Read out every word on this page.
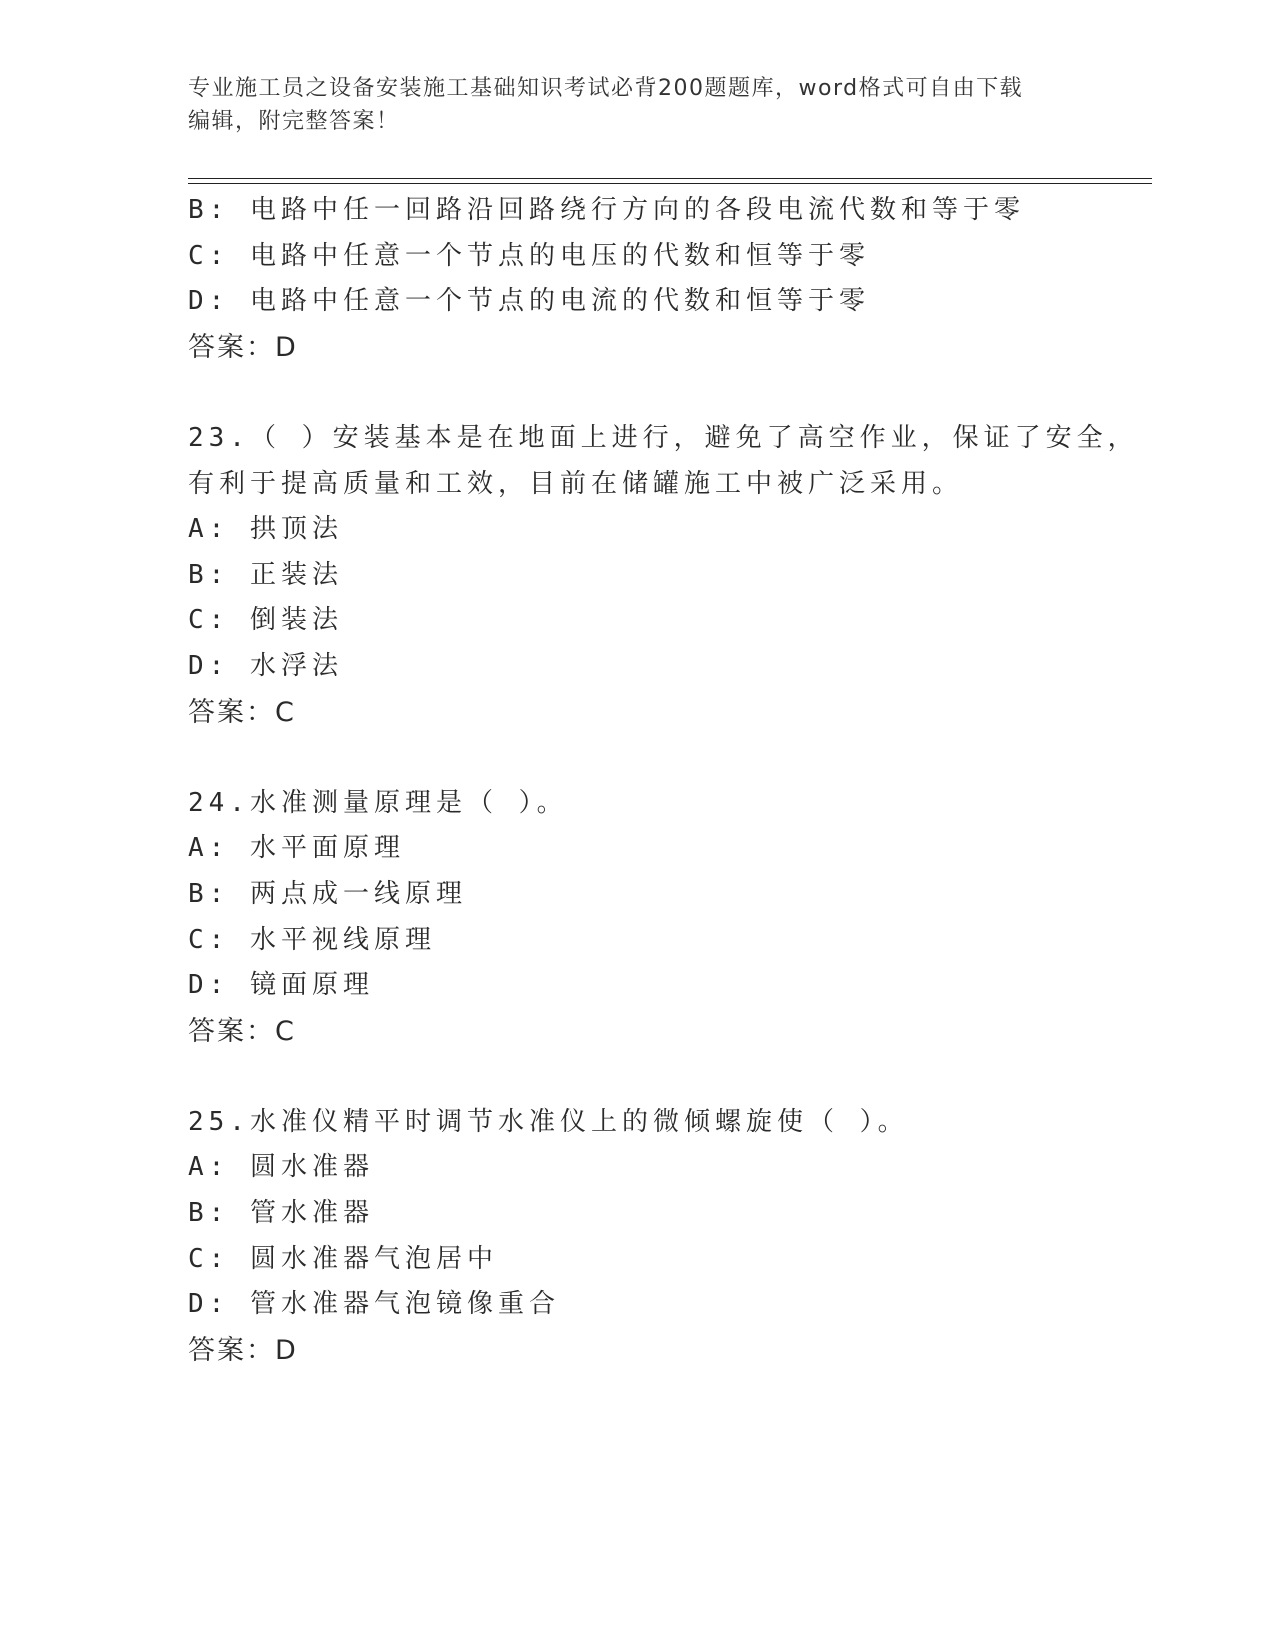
专业施工员之设备安装施工基础知识考试必背200题题库，word格式可自由下载
编辑，附完整答案！
B: 电路中任一回路沿回路绕行方向的各段电流代数和等于零
C: 电路中任意一个节点的电压的代数和恒等于零
D: 电路中任意一个节点的电流的代数和恒等于零
答案：D
23.（ ）安装基本是在地面上进行，避免了高空作业，保证了安全，
有利于提高质量和工效，目前在储罐施工中被广泛采用。
A: 拱顶法
B: 正装法
C: 倒装法
D: 水浮法
答案：C
24.水准测量原理是（ ）。
A: 水平面原理
B: 两点成一线原理
C: 水平视线原理
D: 镜面原理
答案：C
25.水准仪精平时调节水准仪上的微倾螺旋使（ ）。
A: 圆水准器
B: 管水准器
C: 圆水准器气泡居中
D: 管水准器气泡镜像重合
答案：D
